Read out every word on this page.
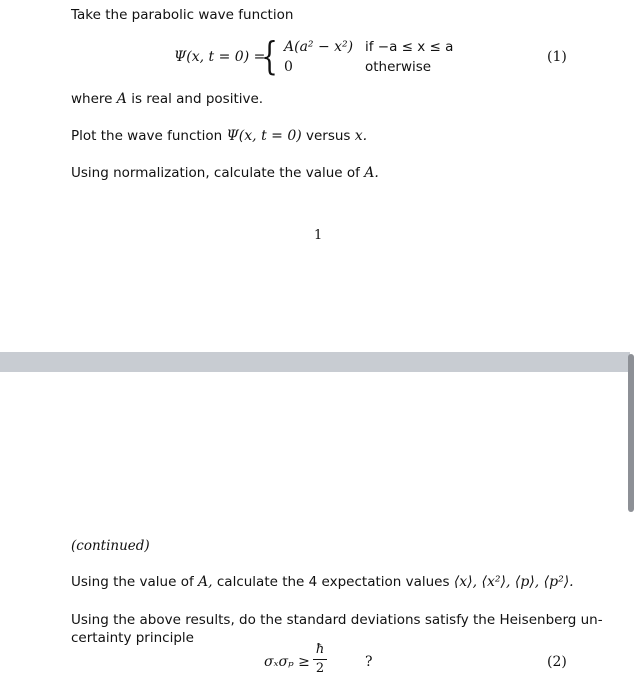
Take the parabolic wave function
Ψ(x, t = 0) =
{ A(a² − x²) if −a ≤ x ≤ a
0	otherwise
(1)
where A is real and positive.
Plot the wave function Ψ(x, t = 0) versus x.
Using normalization, calculate the value of A.
1
(continued)
Using the value of A, calculate the 4 expectation values ⟨x⟩, ⟨x²⟩, ⟨p⟩, ⟨p²⟩.
Using the above results, do the standard deviations satisfy the Heisenberg un-
certainty principle
σₓσₚ ≥
ħ
2	?	(2)
